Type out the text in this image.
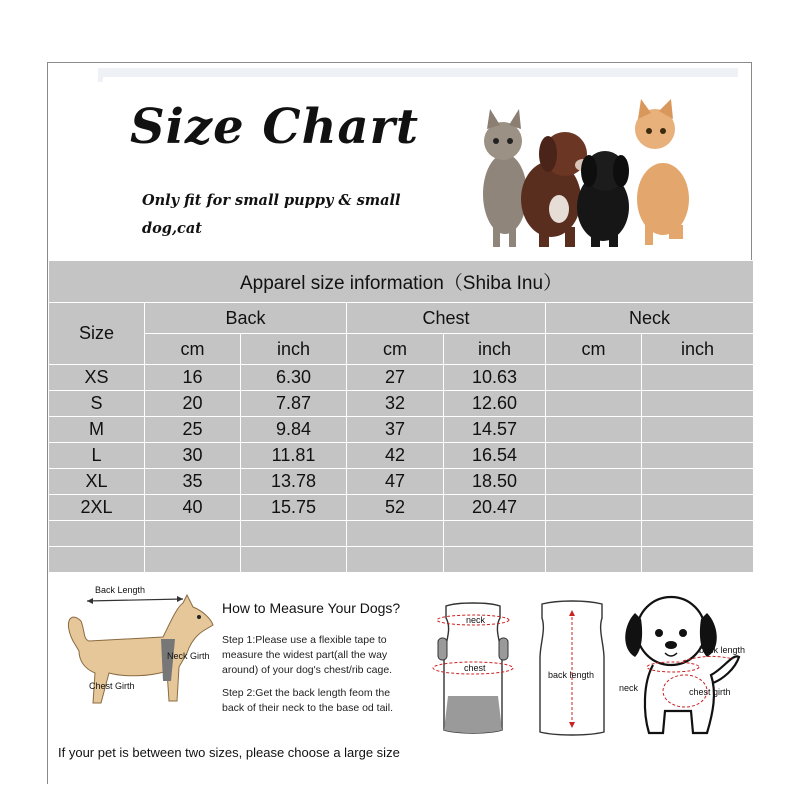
Size Chart
Only fit for small puppy & small dog,cat
Apparel size information（Shiba Inu）						
Size	Back		Chest		Neck	
	cm	inch	cm	inch	cm	inch
XS	16	6.30	27	10.63		
S	20	7.87	32	12.60		
M	25	9.84	37	14.57		
L	30	11.81	42	16.54		
XL	35	13.78	47	18.50		
2XL	40	15.75	52	20.47		

Back Length
Neck Girth
Chest Girth
How to Measure Your Dogs?
Step 1:Please use a flexible tape to measure the widest part(all the way around) of your dog's chest/rib cage.
Step 2:Get the back length feom the back of their neck to the base od tail.
If your pet is between two sizes, please choose a large size
neck
chest
back length
back length
neck	chest girth
